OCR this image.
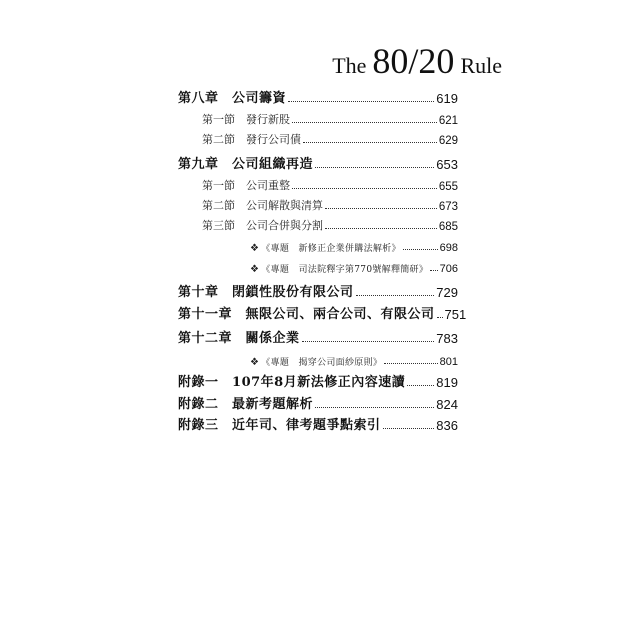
The 80/20 Rule
第八章　 公司籌資	619
第一節　 發行新股	621
第二節　 發行公司債	629
第九章　 公司組織再造	653
第一節　 公司重整	655
第二節　 公司解散與清算	673
第三節　 公司合併與分割	685
❖ 《專題　新修正企業併購法解析》	698
❖ 《專題　司法院釋字第770號解釋簡研》 706
第十章　 閉鎖性股份有限公司	729
第十一章　 無限公司、兩合公司、有限公司 751
第十二章　 關係企業	783
❖ 《專題　揭穿公司面紗原則》	801
附錄一　 107年8月新法修正內容速讀 819
附錄二　 最新考題解析	824
附錄三　 近年司、律考題爭點索引	836
